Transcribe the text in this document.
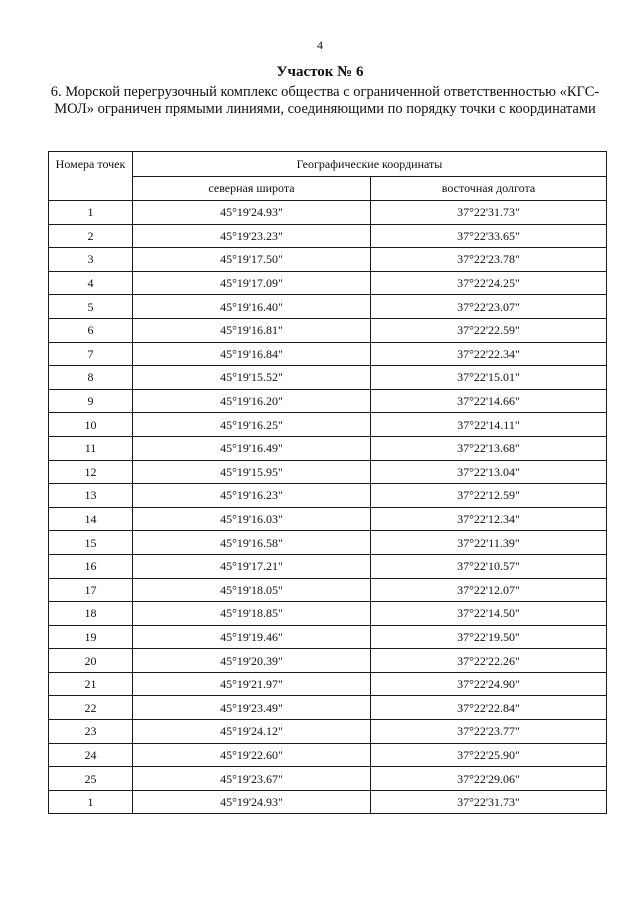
4
Участок № 6
6. Морской перегрузочный комплекс общества с ограниченной ответственностью «КГС-МОЛ» ограничен прямыми линиями, соединяющими по порядку точки с координатами
Номера точек	Географические координаты	
	северная широта	восточная долгота
1	45°19'24.93"	37°22'31.73"
2	45°19'23.23"	37°22'33.65"
3	45°19'17.50"	37°22'23.78"
4	45°19'17.09"	37°22'24.25"
5	45°19'16.40"	37°22'23.07"
6	45°19'16.81"	37°22'22.59"
7	45°19'16.84"	37°22'22.34"
8	45°19'15.52"	37°22'15.01"
9	45°19'16.20"	37°22'14.66"
10	45°19'16.25"	37°22'14.11"
11	45°19'16.49"	37°22'13.68"
12	45°19'15.95"	37°22'13.04"
13	45°19'16.23"	37°22'12.59"
14	45°19'16.03"	37°22'12.34"
15	45°19'16.58"	37°22'11.39"
16	45°19'17.21"	37°22'10.57"
17	45°19'18.05"	37°22'12.07"
18	45°19'18.85"	37°22'14.50"
19	45°19'19.46"	37°22'19.50"
20	45°19'20.39"	37°22'22.26"
21	45°19'21.97"	37°22'24.90"
22	45°19'23.49"	37°22'22.84"
23	45°19'24.12"	37°22'23.77"
24	45°19'22.60"	37°22'25.90"
25	45°19'23.67"	37°22'29.06"
1	45°19'24.93"	37°22'31.73"
